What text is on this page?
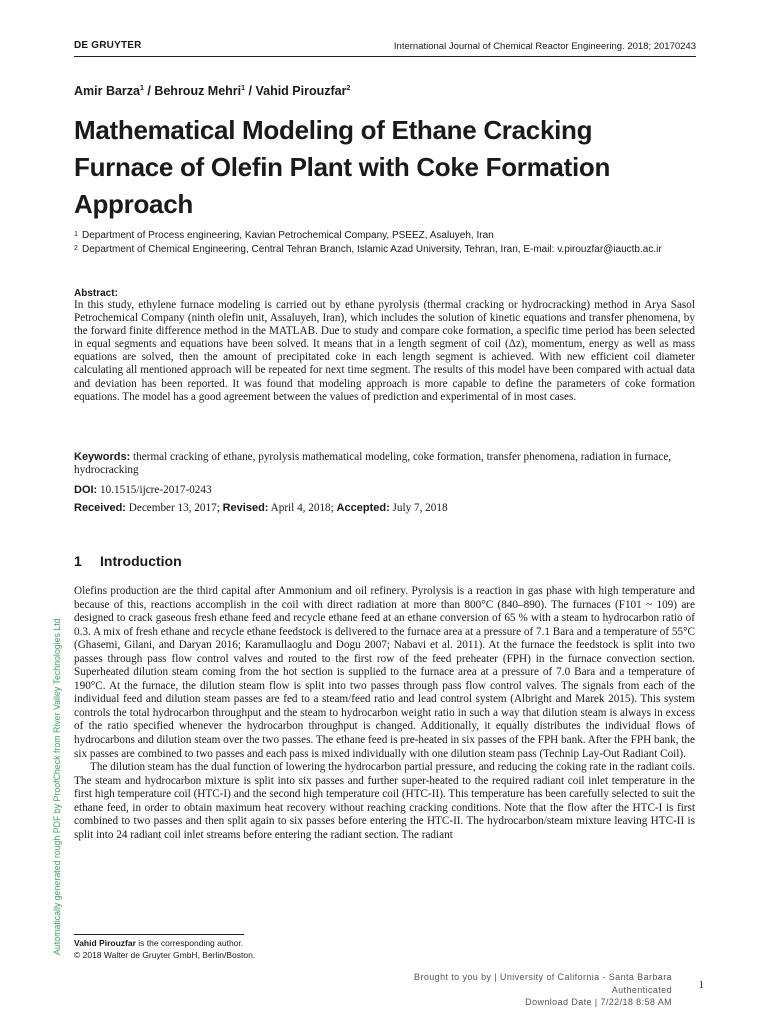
DE GRUYTER	International Journal of Chemical Reactor Engineering. 2018; 20170243
Amir Barza$^1$ / Behrouz Mehri$^1$ / Vahid Pirouzfar$^2$
Mathematical Modeling of Ethane Cracking Furnace of Olefin Plant with Coke Formation Approach
1 Department of Process engineering, Kavian Petrochemical Company, PSEEZ, Asaluyeh, Iran
2 Department of Chemical Engineering, Central Tehran Branch, Islamic Azad University, Tehran, Iran, E-mail: v.pirouzfar@iauctb.ac.ir
Abstract:

In this study, ethylene furnace modeling is carried out by ethane pyrolysis (thermal cracking or hydrocracking) method in Arya Sasol Petrochemical Company (ninth olefin unit, Assaluyeh, Iran), which includes the solution of kinetic equations and transfer phenomena, by the forward finite difference method in the MATLAB. Due to study and compare coke formation, a specific time period has been selected in equal segments and equations have been solved. It means that in a length segment of coil (Δz), momentum, energy as well as mass equations are solved, then the amount of precipitated coke in each length segment is achieved. With new efficient coil diameter calculating all mentioned approach will be repeated for next time segment. The results of this model have been compared with actual data and deviation has been reported. It was found that modeling approach is more capable to define the parameters of coke formation equations. The model has a good agreement between the values of prediction and experimental of in most cases.

Keywords: thermal cracking of ethane, pyrolysis mathematical modeling, coke formation, transfer phenomena, radiation in furnace, hydrocracking
DOI: 10.1515/ijcre-2017-0243
Received: December 13, 2017; Revised: April 4, 2018; Accepted: July 7, 2018
1 Introduction

Olefins production are the third capital after Ammonium and oil refinery. Pyrolysis is a reaction in gas phase with high temperature and because of this, reactions accomplish in the coil with direct radiation at more than 800°C (840–890). The furnaces (F101 ~ 109) are designed to crack gaseous fresh ethane feed and recycle ethane feed at an ethane conversion of 65 % with a steam to hydrocarbon ratio of 0.3. A mix of fresh ethane and recycle ethane feedstock is delivered to the furnace area at a pressure of 7.1 Bara and a temperature of 55°C (Ghasemi, Gilani, and Daryan 2016; Karamullaoglu and Dogu 2007; Nabavi et al. 2011). At the furnace the feedstock is split into two passes through pass flow control valves and routed to the first row of the feed preheater (FPH) in the furnace convection section. Superheated dilution steam coming from the hot section is supplied to the furnace area at a pressure of 7.0 Bara and a temperature of 190°C. At the furnace, the dilution steam flow is split into two passes through pass flow control valves. The signals from each of the individual feed and dilution steam passes are fed to a steam/feed ratio and lead control system (Albright and Marek 2015). This system controls the total hydrocarbon throughput and the steam to hydrocarbon weight ratio in such a way that dilution steam is always in excess of the ratio specified whenever the hydrocarbon throughput is changed. Additionally, it equally distributes the individual flows of hydrocarbons and dilution steam over the two passes. The ethane feed is pre-heated in six passes of the FPH bank. After the FPH bank, the six passes are combined to two passes and each pass is mixed individually with one dilution steam pass (Technip Lay-Out Radiant Coil).

The dilution steam has the dual function of lowering the hydrocarbon partial pressure, and reducing the coking rate in the radiant coils. The steam and hydrocarbon mixture is split into six passes and further super-heated to the required radiant coil inlet temperature in the first high temperature coil (HTC-I) and the second high temperature coil (HTC-II). This temperature has been carefully selected to suit the ethane feed, in order to obtain maximum heat recovery without reaching cracking conditions. Note that the flow after the HTC-I is first combined to two passes and then split again to six passes before entering the HTC-II. The hydrocarbon/steam mixture leaving HTC-II is split into 24 radiant coil inlet streams before entering the radiant section. The radiant

Vahid Pirouzfar is the corresponding author.
© 2018 Walter de Gruyter GmbH, Berlin/Boston.
Brought to you by | University of California - Santa Barbara
Authenticated
Download Date | 7/22/18 8:58 AM
1
Automatically generated rough PDF by ProofCheck from River Valley Technologies Ltd
